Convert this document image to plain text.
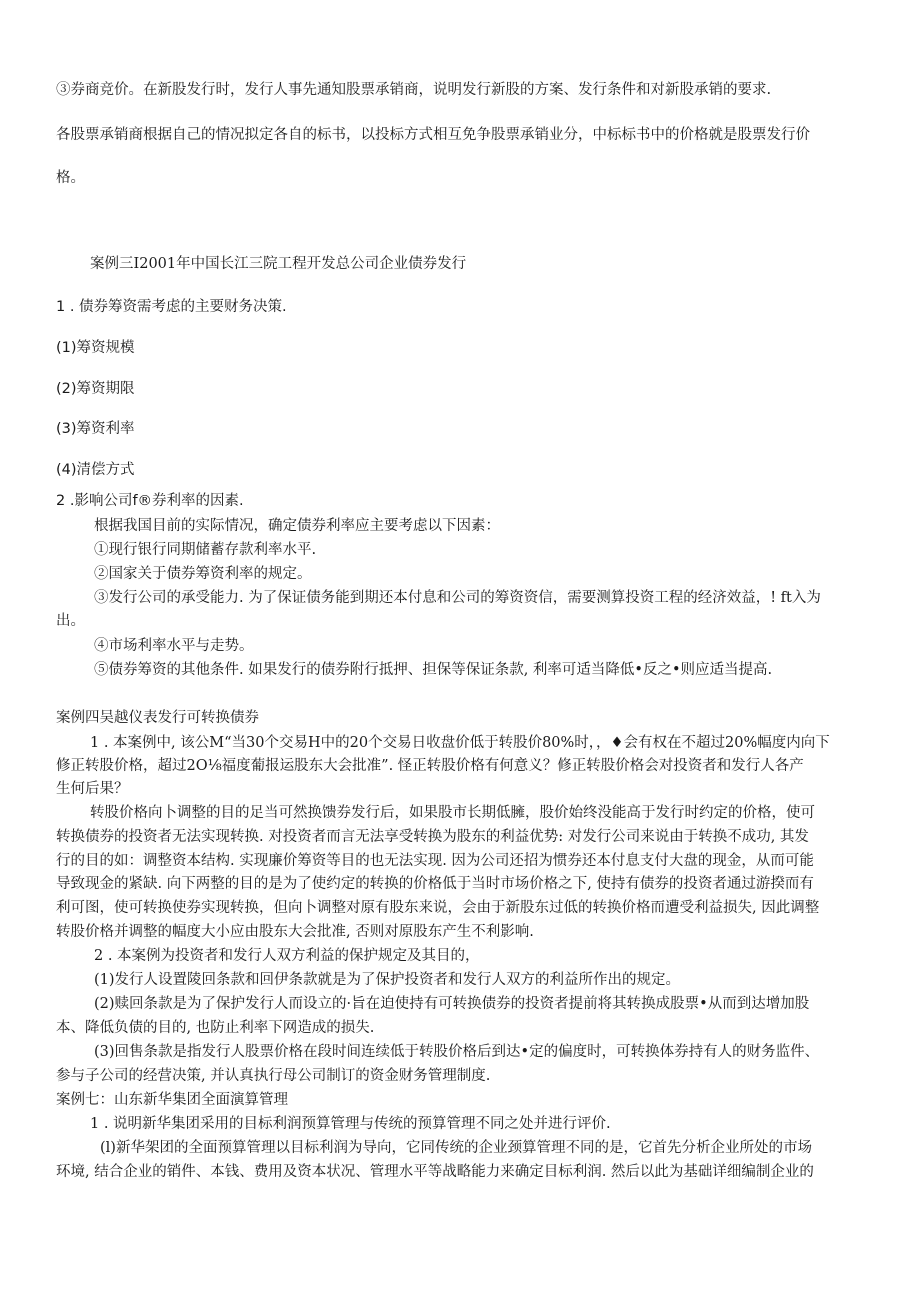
③券商竞价。在新股发行时，发行人事先通知股票承销商，说明发行新股的方案、发行条件和对新股承销的要求.
各股票承销商根据自己的情况拟定各自的标书，以投标方式相互免争股票承销业分，中标标书中的价格就是股票发行价
格。
案例三I2001年中国长江三院工程开发总公司企业债券发行
1 . 债券筹资需考虑的主要财务决策.
(1)筹资规模
(2)筹资期限
(3)筹资利率
(4)清偿方式
2 .影响公司f®券利率的因素.
根据我国目前的实际情况，确定债券利率应主要考虑以下因素：
①现行银行同期储蓄存款利率水平.
②国家关于债券筹资利率的规定。
③发行公司的承受能力. 为了保证债务能到期还本付息和公司的筹资资信，需要测算投资工程的经济效益，! ft入为
出。
④市场利率水平与走势。
⑤债券筹资的其他条件. 如果发行的债券附行抵押、担保等保证条款, 利率可适当降低•反之•则应适当提高.
案例四吴越仪表发行可转换债券
1 . 本案例中, 该公M“当30个交易H中的20个交易日收盘价低于转股价80%时，，♦会有权在不超过20%幅度内向下
修正转股价格，超过2O⅛福度葡报运股东大会批准”. 怪正转股价格有何意义？修正转股价格会对投资者和发行人各产
生何后果？
转股价格向卜调整的目的足当可然换馈券发行后，如果股市长期低臃，股价始终没能高于发行时约定的价格，使可
转换债券的投资者无法实现转换. 对投资者而言无法享受转换为股东的利益优势: 对发行公司来说由于转换不成功, 其发
行的目的如：调整资本结构. 实现廉价筹资等目的也无法实现. 因为公司还招为惯券还本付息支付大盘的现金，从而可能
导致现金的紧缺. 向下两整的目的是为了使约定的转换的价格低于当时市场价格之下, 使持有债券的投资者通过游揆而有
利可图，使可转换使券实现转换，但向卜调整对原有股东来说，会由于新股东过低的转换价格而遭受利益损失, 因此调整
转股价格并调整的幅度大小应由股东大会批准, 否则对原股东产生不利影响.
2 . 本案例为投资者和发行人双方利益的保护规定及其目的，
(1)发行人设置陵回条款和回伊条款就是为了保护投资者和发行人双方的利益所作出的规定。
(2)赎回条款是为了保护发行人而设立的·旨在迫使持有可转换债券的投资者提前将其转换成股票•从而到达增加股
本、降低负债的目的, 也防止利率下网造成的损失.
(3)回售条款是指发行人股票价格在段时间连续低于转股价格后到达•定的偏度时，可转换体券持有人的财务监件、
参与子公司的经营决策, 并认真执行母公司制订的资金财务管理制度.
案例七：山东新华集团全面演算管理
1 . 说明新华集团采用的目标利润预算管理与传统的预算管理不同之处并进行评价.
(l)新华架团的全面预算管理以目标利润为导向，它同传统的企业颈算管理不同的是，它首先分析企业所处的市场
环境, 结合企业的销件、本钱、费用及资本状况、管理水平等战略能力来确定目标利润. 然后以此为基础详细编制企业的
